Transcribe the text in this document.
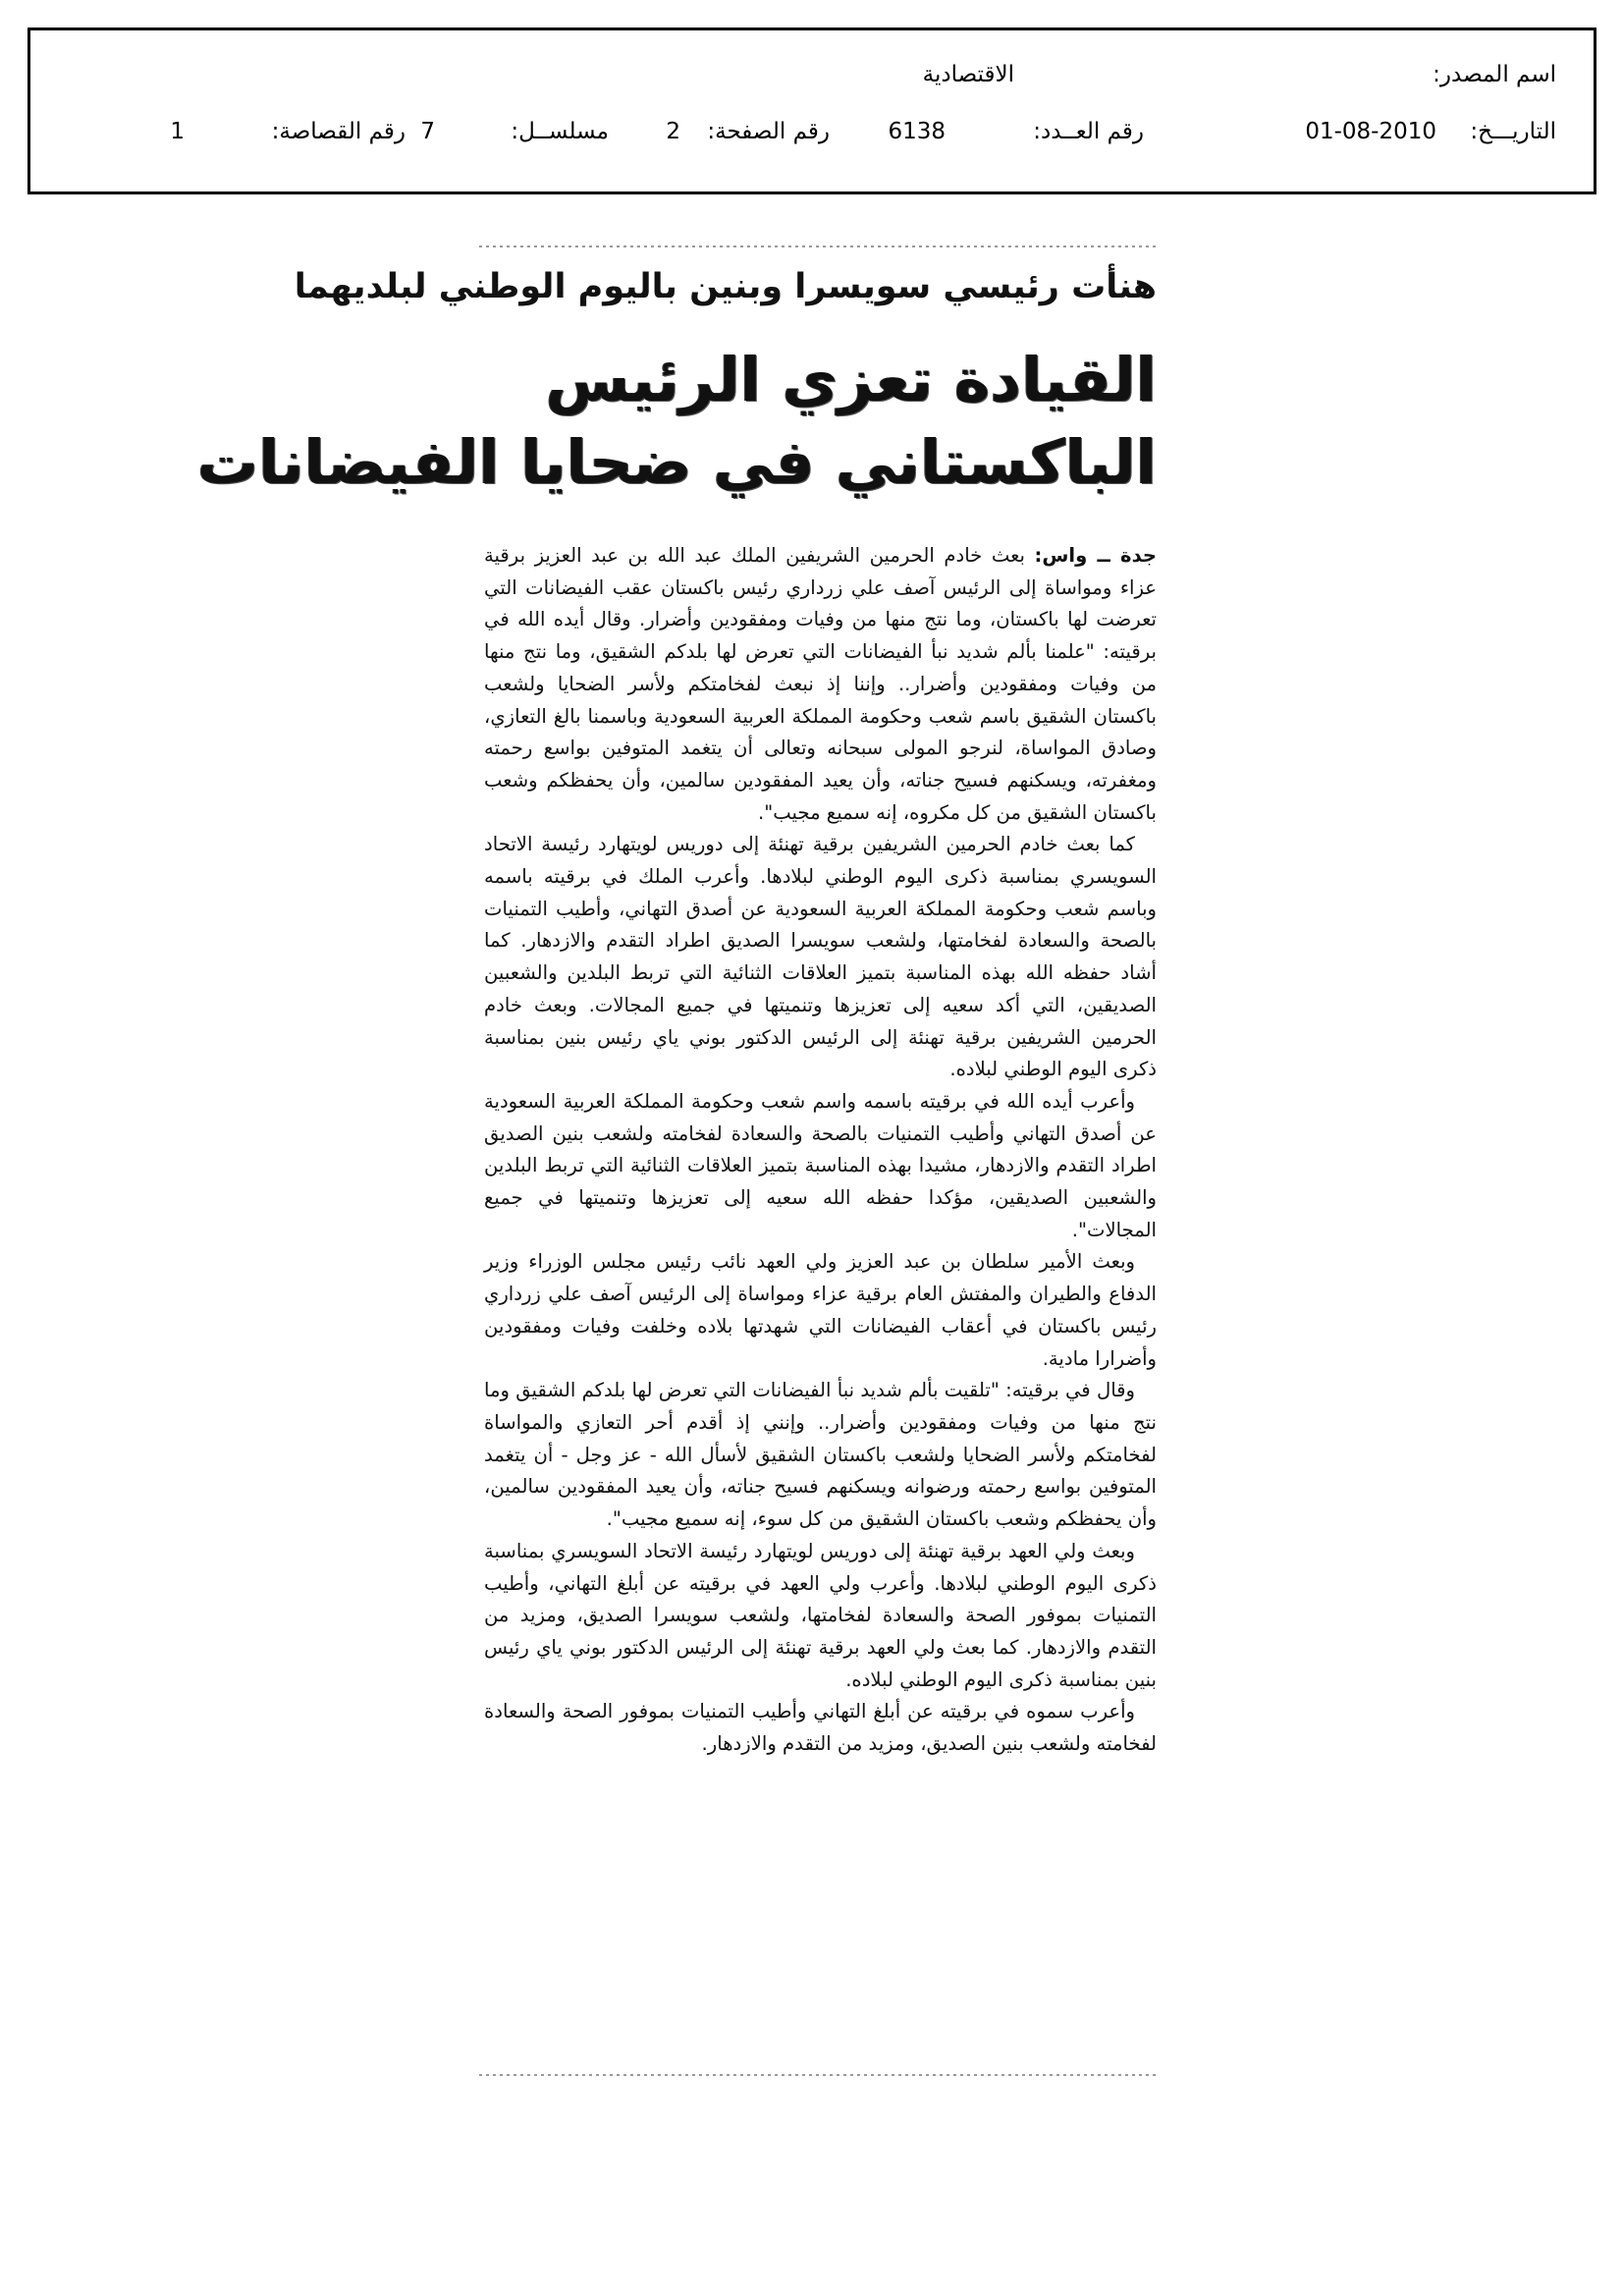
اسم المصدر:
الاقتصادية
التاريـــخ:
01-08-2010
رقم العــدد:
6138
رقم الصفحة:
2
مسلســل:
7
رقم القصاصة:
1
هنأت رئيسي سويسرا وبنين باليوم الوطني لبلديهما
القيادة تعزي الرئيس
الباكستاني في ضحايا الفيضانات

جدة ــ واس: بعث خادم الحرمين الشريفين الملك عبد الله بن عبد العزيز برقية عزاء ومواساة إلى الرئيس آصف علي زرداري رئيس باكستان عقب الفيضانات التي تعرضت لها باكستان، وما نتج منها من وفيات ومفقودين وأضرار. وقال أيده الله في برقيته: "علمنا بألم شديد نبأ الفيضانات التي تعرض لها بلدكم الشقيق، وما نتج منها من وفيات ومفقودين وأضرار.. وإننا إذ نبعث لفخامتكم ولأسر الضحايا ولشعب باكستان الشقيق باسم شعب وحكومة المملكة العربية السعودية وباسمنا بالغ التعازي، وصادق المواساة، لنرجو المولى سبحانه وتعالى أن يتغمد المتوفين بواسع رحمته ومغفرته، ويسكنهم فسيح جناته، وأن يعيد المفقودين سالمين، وأن يحفظكم وشعب باكستان الشقيق من كل مكروه، إنه سميع مجيب".

كما بعث خادم الحرمين الشريفين برقية تهنئة إلى دوريس لويتهارد رئيسة الاتحاد السويسري بمناسبة ذكرى اليوم الوطني لبلادها. وأعرب الملك في برقيته باسمه وباسم شعب وحكومة المملكة العربية السعودية عن أصدق التهاني، وأطيب التمنيات بالصحة والسعادة لفخامتها، ولشعب سويسرا الصديق اطراد التقدم والازدهار. كما أشاد حفظه الله بهذه المناسبة بتميز العلاقات الثنائية التي تربط البلدين والشعبين الصديقين، التي أكد سعيه إلى تعزيزها وتنميتها في جميع المجالات. وبعث خادم الحرمين الشريفين برقية تهنئة إلى الرئيس الدكتور بوني ياي رئيس بنين بمناسبة ذكرى اليوم الوطني لبلاده.

وأعرب أيده الله في برقيته باسمه واسم شعب وحكومة المملكة العربية السعودية عن أصدق التهاني وأطيب التمنيات بالصحة والسعادة لفخامته ولشعب بنين الصديق اطراد التقدم والازدهار، مشيدا بهذه المناسبة بتميز العلاقات الثنائية التي تربط البلدين والشعبين الصديقين، مؤكدا حفظه الله سعيه إلى تعزيزها وتنميتها في جميع المجالات".

وبعث الأمير سلطان بن عبد العزيز ولي العهد نائب رئيس مجلس الوزراء وزير الدفاع والطيران والمفتش العام برقية عزاء ومواساة إلى الرئيس آصف علي زرداري رئيس باكستان في أعقاب الفيضانات التي شهدتها بلاده وخلفت وفيات ومفقودين وأضرارا مادية.

وقال في برقيته: "تلقيت بألم شديد نبأ الفيضانات التي تعرض لها بلدكم الشقيق وما نتج منها من وفيات ومفقودين وأضرار.. وإنني إذ أقدم أحر التعازي والمواساة لفخامتكم ولأسر الضحايا ولشعب باكستان الشقيق لأسأل الله - عز وجل - أن يتغمد المتوفين بواسع رحمته ورضوانه ويسكنهم فسيح جناته، وأن يعيد المفقودين سالمين، وأن يحفظكم وشعب باكستان الشقيق من كل سوء، إنه سميع مجيب".

وبعث ولي العهد برقية تهنئة إلى دوريس لويتهارد رئيسة الاتحاد السويسري بمناسبة ذكرى اليوم الوطني لبلادها. وأعرب ولي العهد في برقيته عن أبلغ التهاني، وأطيب التمنيات بموفور الصحة والسعادة لفخامتها، ولشعب سويسرا الصديق، ومزيد من التقدم والازدهار. كما بعث ولي العهد برقية تهنئة إلى الرئيس الدكتور بوني ياي رئيس بنين بمناسبة ذكرى اليوم الوطني لبلاده.

وأعرب سموه في برقيته عن أبلغ التهاني وأطيب التمنيات بموفور الصحة والسعادة لفخامته ولشعب بنين الصديق، ومزيد من التقدم والازدهار.
